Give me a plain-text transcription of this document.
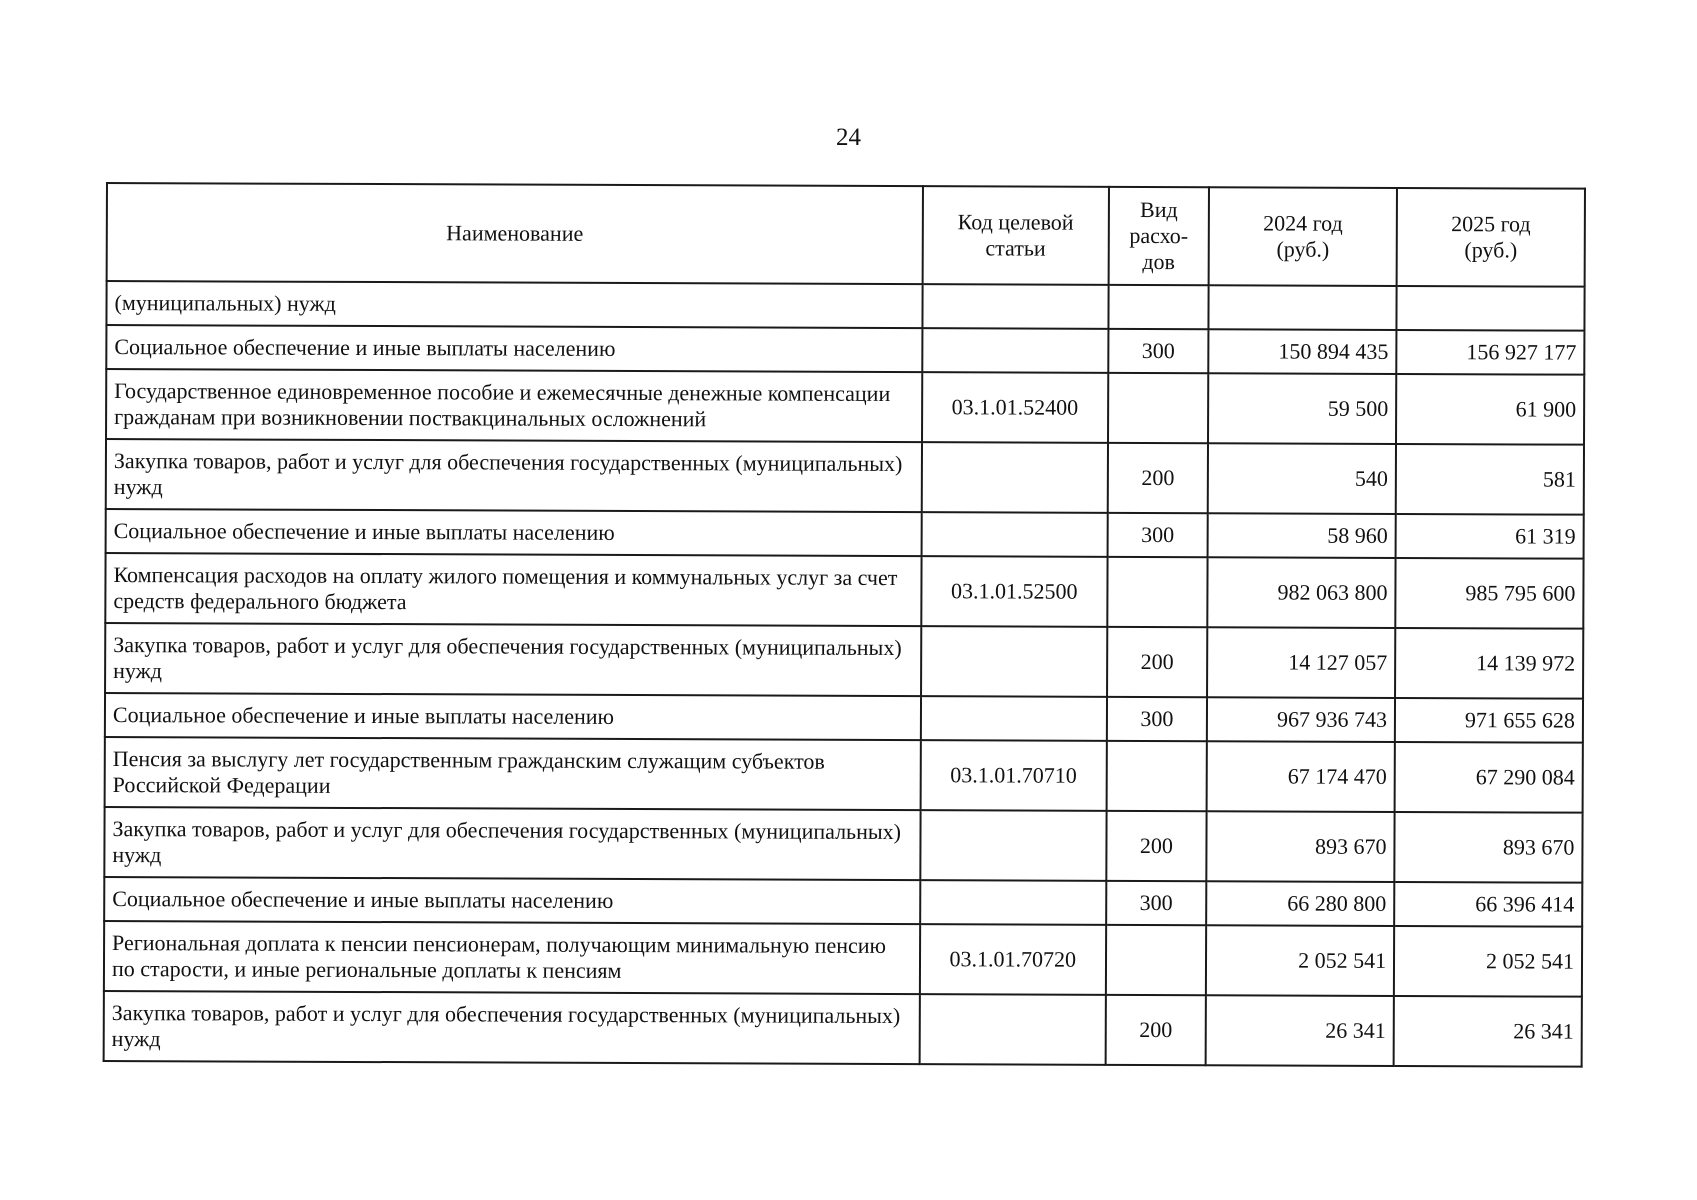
24
Наименование	Код целевой статьи	Вид расхо-дов	2024 год (руб.)	2025 год (руб.)
(муниципальных) нужд				
Социальное обеспечение и иные выплаты населению		300	150 894 435	156 927 177
Государственное единовременное пособие и ежемесячные денежные компенсации гражданам при возникновении поствакцинальных осложнений	03.1.01.52400		59 500	61 900
Закупка товаров, работ и услуг для обеспечения государственных (муниципальных) нужд		200	540	581
Социальное обеспечение и иные выплаты населению		300	58 960	61 319
Компенсация расходов на оплату жилого помещения и коммунальных услуг за счет средств федерального бюджета	03.1.01.52500		982 063 800	985 795 600
Закупка товаров, работ и услуг для обеспечения государственных (муниципальных) нужд		200	14 127 057	14 139 972
Социальное обеспечение и иные выплаты населению		300	967 936 743	971 655 628
Пенсия за выслугу лет государственным гражданским служащим субъектов Российской Федерации	03.1.01.70710		67 174 470	67 290 084
Закупка товаров, работ и услуг для обеспечения государственных (муниципальных) нужд		200	893 670	893 670
Социальное обеспечение и иные выплаты населению		300	66 280 800	66 396 414
Региональная доплата к пенсии пенсионерам, получающим минимальную пенсию по старости, и иные региональные доплаты к пенсиям	03.1.01.70720		2 052 541	2 052 541
Закупка товаров, работ и услуг для обеспечения государственных (муниципальных) нужд		200	26 341	26 341
